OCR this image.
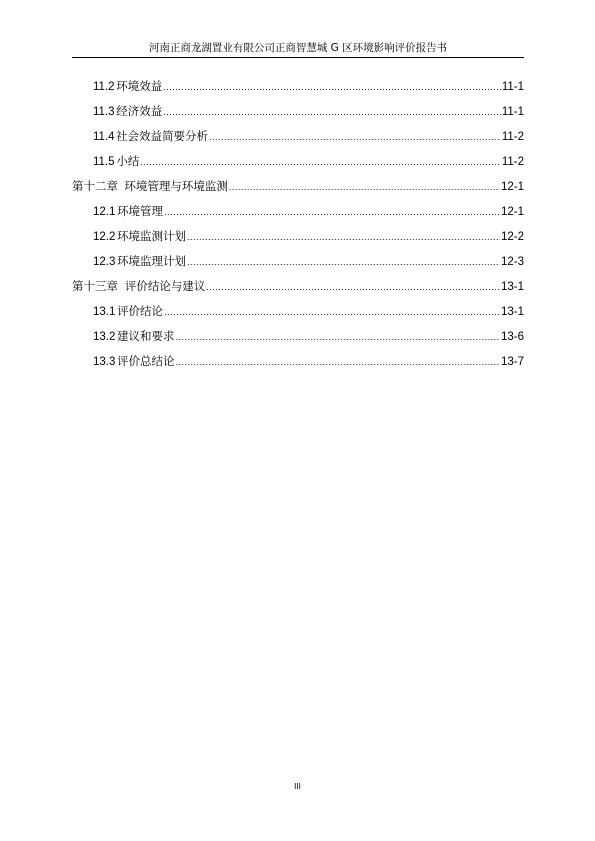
河南正商龙湖置业有限公司正商智慧城 G 区环境影响评价报告书
11.2 环境效益 .....	11-1
11.3 经济效益 .....	11-1
11.4 社会效益简要分析 .....	11-2
11.5 小结 .....	11-2
第十二章 环境管理与环境监测 .....	12-1
12.1 环境管理 .....	12-1
12.2 环境监测计划 .....	12-2
12.3 环境监理计划 .....	12-3
第十三章 评价结论与建议 .....	13-1
13.1 评价结论 .....	13-1
13.2 建议和要求 .....	13-6
13.3 评价总结论 .....	13-7
III
